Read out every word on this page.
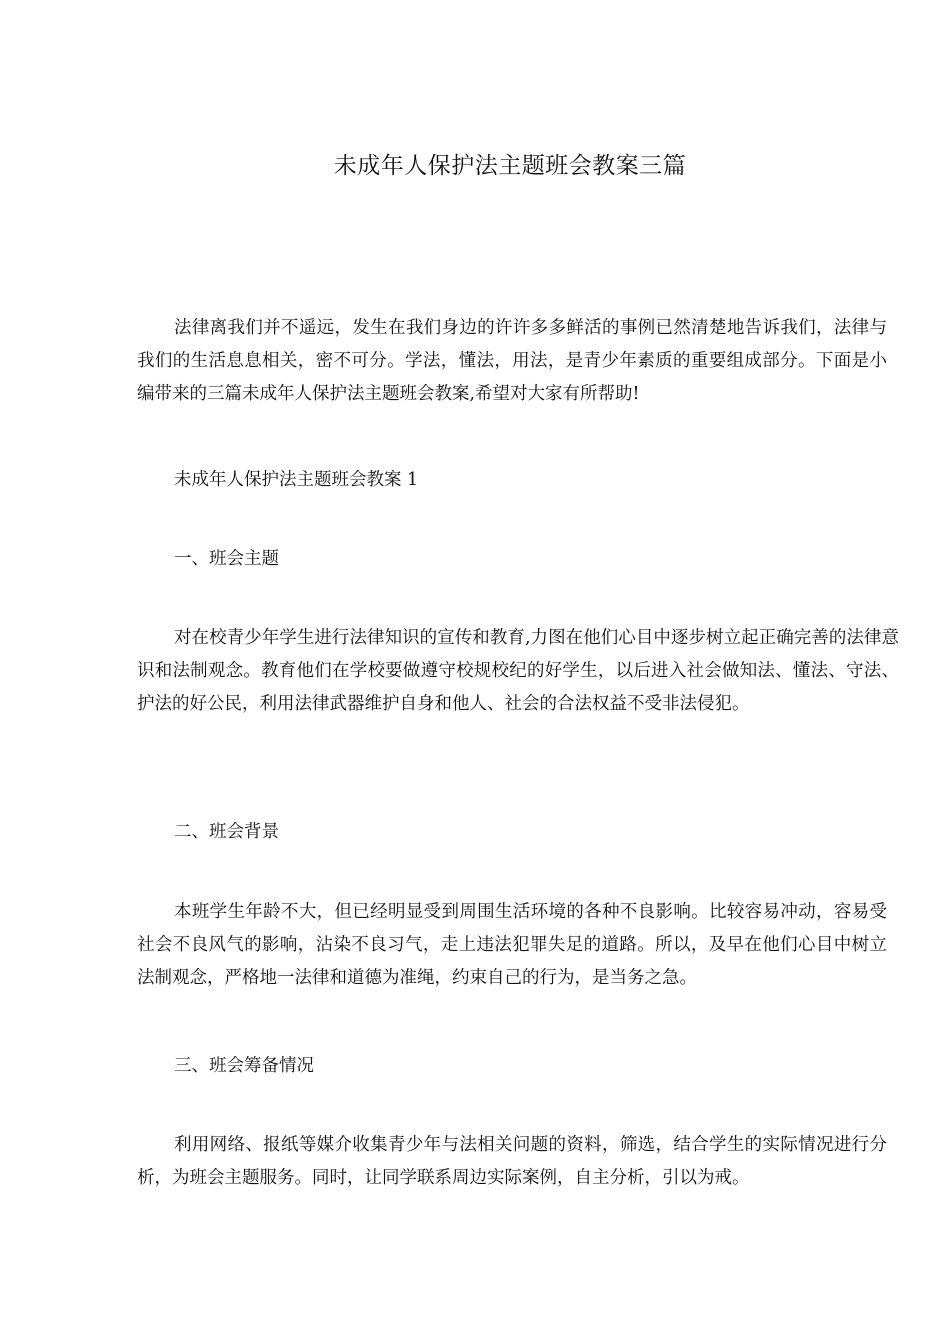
未成年人保护法主题班会教案三篇

法律离我们并不遥远，发生在我们身边的许许多多鲜活的事例已然清楚地告诉我们，法律与我们的生活息息相关，密不可分。学法，懂法，用法，是青少年素质的重要组成部分。下面是小编带来的三篇未成年人保护法主题班会教案,希望对大家有所帮助!

未成年人保护法主题班会教案 1

一、班会主题

对在校青少年学生进行法律知识的宣传和教育,力图在他们心目中逐步树立起正确完善的法律意识和法制观念。教育他们在学校要做遵守校规校纪的好学生，以后进入社会做知法、懂法、守法、护法的好公民，利用法律武器维护自身和他人、社会的合法权益不受非法侵犯。

二、班会背景

本班学生年龄不大，但已经明显受到周围生活环境的各种不良影响。比较容易冲动，容易受社会不良风气的影响，沾染不良习气，走上违法犯罪失足的道路。所以，及早在他们心目中树立法制观念，严格地一法律和道德为准绳，约束自己的行为，是当务之急。

三、班会筹备情况

利用网络、报纸等媒介收集青少年与法相关问题的资料，筛选，结合学生的实际情况进行分析，为班会主题服务。同时，让同学联系周边实际案例，自主分析，引以为戒。
